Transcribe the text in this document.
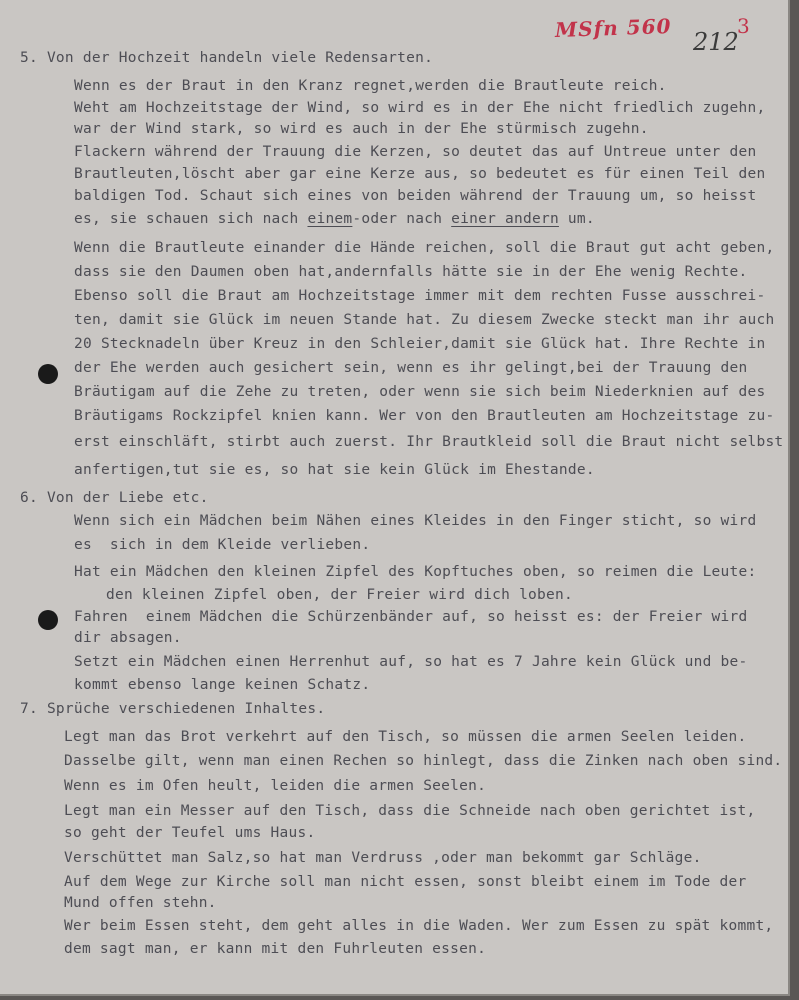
MSfn 560 212
3
5. Von der Hochzeit handeln viele Redensarten.
Wenn es der Braut in den Kranz regnet,werden die Brautleute reich.
Weht am Hochzeitstage der Wind, so wird es in der Ehe nicht friedlich zugehn,
war der Wind stark, so wird es auch in der Ehe stürmisch zugehn.
Flackern während der Trauung die Kerzen, so deutet das auf Untreue unter den
Brautleuten,löscht aber gar eine Kerze aus, so bedeutet es für einen Teil den
baldigen Tod. Schaut sich eines von beiden während der Trauung um, so heisst
es, sie schauen sich nach einem-oder nach einer andern um.
Wenn die Brautleute einander die Hände reichen, soll die Braut gut acht geben,
dass sie den Daumen oben hat,andernfalls hätte sie in der Ehe wenig Rechte.
Ebenso soll die Braut am Hochzeitstage immer mit dem rechten Fusse ausschrei-
ten, damit sie Glück im neuen Stande hat. Zu diesem Zwecke steckt man ihr auch
20 Stecknadeln über Kreuz in den Schleier,damit sie Glück hat. Ihre Rechte in
der Ehe werden auch gesichert sein, wenn es ihr gelingt,bei der Trauung den
Bräutigam auf die Zehe zu treten, oder wenn sie sich beim Niederknien auf des
Bräutigams Rockzipfel knien kann. Wer von den Brautleuten am Hochzeitstage zu-
erst einschläft, stirbt auch zuerst. Ihr Brautkleid soll die Braut nicht selbst
anfertigen,tut sie es, so hat sie kein Glück im Ehestande.
6. Von der Liebe etc.
Wenn sich ein Mädchen beim Nähen eines Kleides in den Finger sticht, so wird
es  sich in dem Kleide verlieben.
Hat ein Mädchen den kleinen Zipfel des Kopftuches oben, so reimen die Leute:
den kleinen Zipfel oben, der Freier wird dich loben.
Fahren  einem Mädchen die Schürzenbänder auf, so heisst es: der Freier wird
dir absagen.
Setzt ein Mädchen einen Herrenhut auf, so hat es 7 Jahre kein Glück und be-
kommt ebenso lange keinen Schatz.
7. Sprüche verschiedenen Inhaltes.
Legt man das Brot verkehrt auf den Tisch, so müssen die armen Seelen leiden.
Dasselbe gilt, wenn man einen Rechen so hinlegt, dass die Zinken nach oben sind.
Wenn es im Ofen heult, leiden die armen Seelen.
Legt man ein Messer auf den Tisch, dass die Schneide nach oben gerichtet ist,
so geht der Teufel ums Haus.
Verschüttet man Salz,so hat man Verdruss ,oder man bekommt gar Schläge.
Auf dem Wege zur Kirche soll man nicht essen, sonst bleibt einem im Tode der
Mund offen stehn.
Wer beim Essen steht, dem geht alles in die Waden. Wer zum Essen zu spät kommt,
dem sagt man, er kann mit den Fuhrleuten essen.
